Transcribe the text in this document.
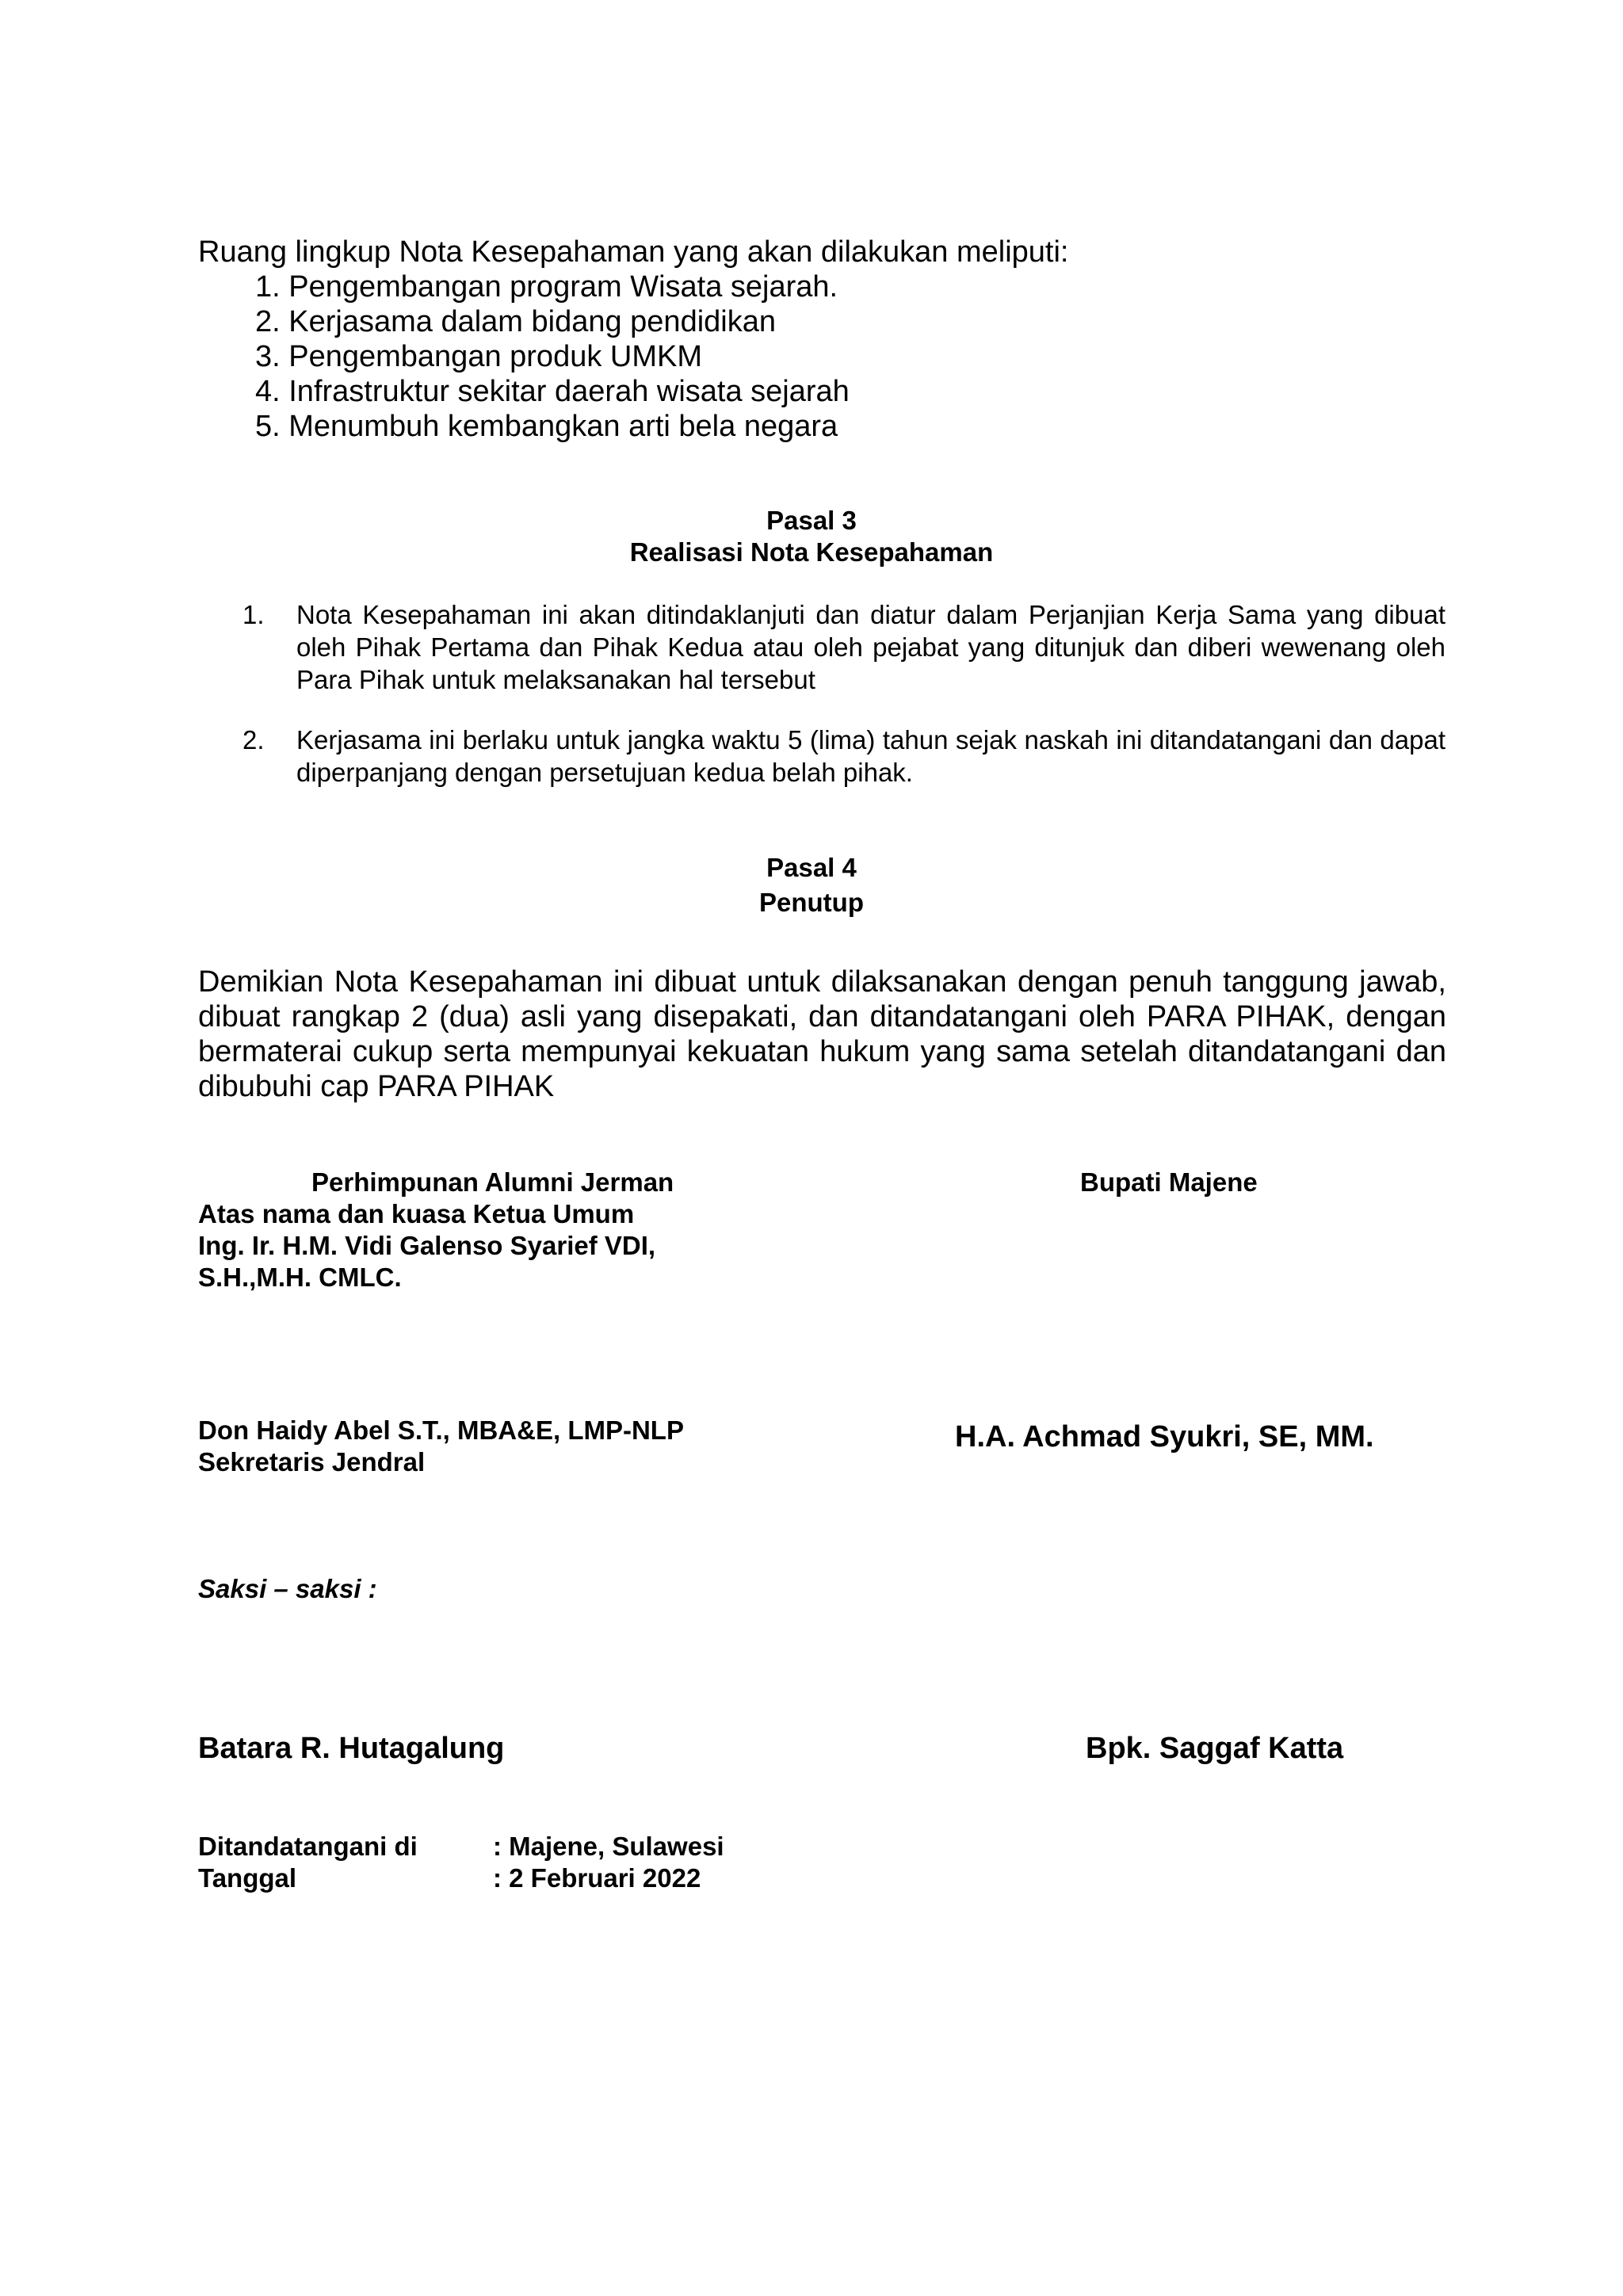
Ruang lingkup Nota Kesepahaman yang akan dilakukan meliputi:
1. Pengembangan program Wisata sejarah.
2. Kerjasama dalam bidang pendidikan
3. Pengembangan produk UMKM
4. Infrastruktur sekitar daerah wisata sejarah
5. Menumbuh kembangkan arti bela negara
Pasal 3
Realisasi Nota Kesepahaman
1. Nota Kesepahaman ini akan ditindaklanjuti dan diatur dalam Perjanjian Kerja Sama yang dibuat oleh Pihak Pertama dan Pihak Kedua atau oleh pejabat yang ditunjuk dan diberi wewenang oleh Para Pihak untuk melaksanakan hal tersebut
2. Kerjasama ini berlaku untuk jangka waktu 5 (lima) tahun sejak naskah ini ditandatangani dan dapat diperpanjang dengan persetujuan kedua belah pihak.
Pasal 4
Penutup
Demikian Nota Kesepahaman ini dibuat untuk dilaksanakan dengan penuh tanggung jawab, dibuat rangkap 2 (dua) asli yang disepakati, dan ditandatangani oleh PARA PIHAK, dengan bermaterai cukup serta mempunyai kekuatan hukum yang sama setelah ditandatangani dan dibubuhi cap PARA PIHAK
Perhimpunan Alumni Jerman
Atas nama dan kuasa Ketua Umum
Ing. Ir. H.M. Vidi Galenso Syarief VDI,
S.H.,M.H. CMLC.
Bupati Majene
Don Haidy Abel S.T., MBA&E, LMP-NLP
Sekretaris Jendral
H.A. Achmad Syukri, SE, MM.
Saksi – saksi :
Batara R. Hutagalung	Bpk. Saggaf Katta
Ditandatangani di	: Majene, Sulawesi
Tanggal	: 2 Februari 2022
